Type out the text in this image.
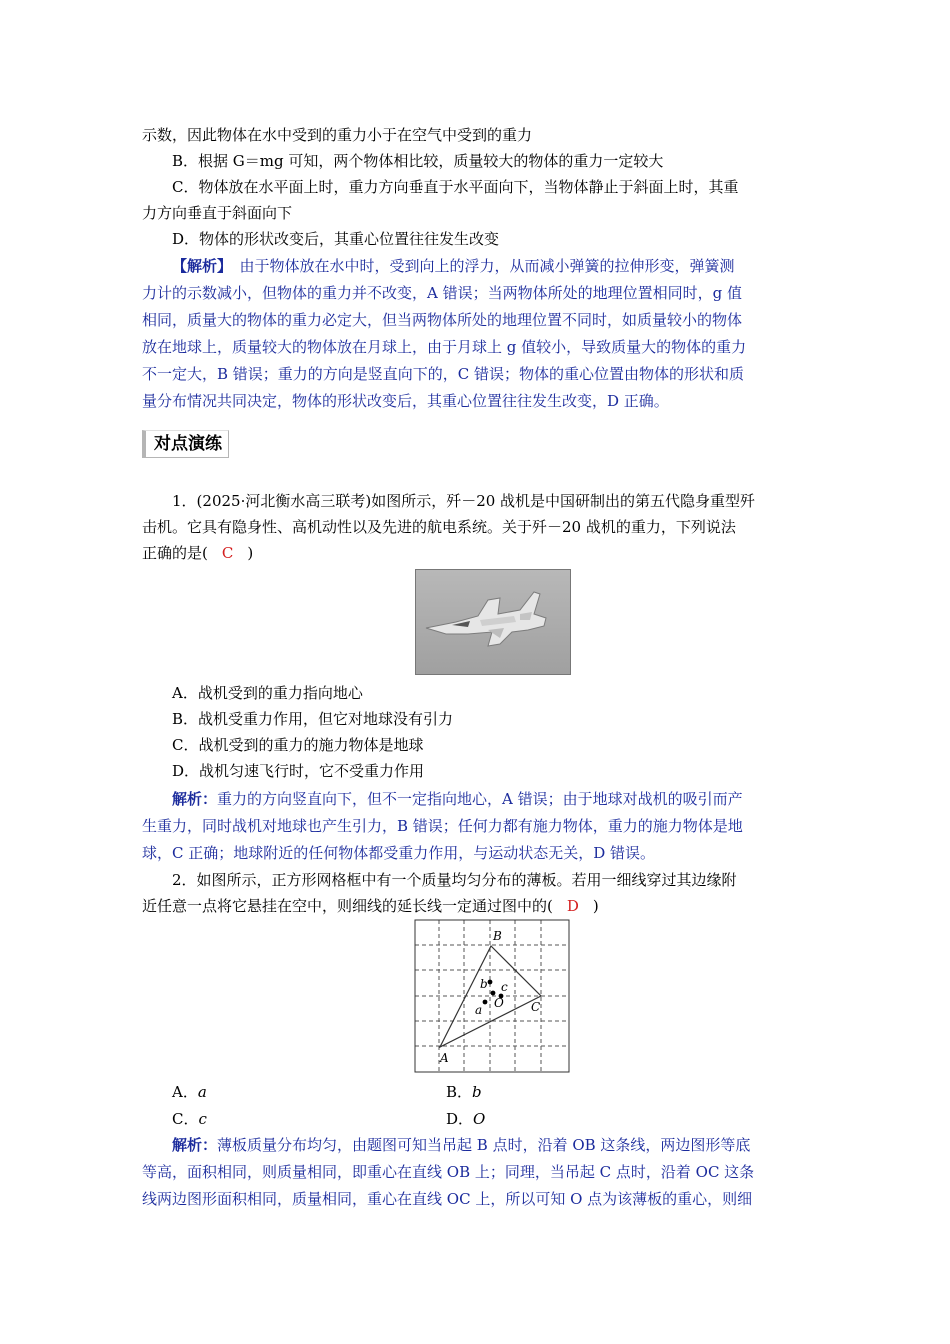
示数，因此物体在水中受到的重力小于在空气中受到的重力
B．根据 G＝mg 可知，两个物体相比较，质量较大的物体的重力一定较大
C．物体放在水平面上时，重力方向垂直于水平面向下，当物体静止于斜面上时，其重
力方向垂直于斜面向下
D．物体的形状改变后，其重心位置往往发生改变
【解析】　由于物体放在水中时，受到向上的浮力，从而减小弹簧的拉伸形变，弹簧测
力计的示数减小，但物体的重力并不改变，A 错误；当两物体所处的地理位置相同时，g 值
相同，质量大的物体的重力必定大，但当两物体所处的地理位置不同时，如质量较小的物体
放在地球上，质量较大的物体放在月球上，由于月球上 g 值较小，导致质量大的物体的重力
不一定大，B 错误；重力的方向是竖直向下的，C 错误；物体的重心位置由物体的形状和质
量分布情况共同决定，物体的形状改变后，其重心位置往往发生改变，D 正确。
对点演练
1．(2025·河北衡水高三联考)如图所示，歼－20 战机是中国研制出的第五代隐身重型歼
击机。它具有隐身性、高机动性以及先进的航电系统。关于歼－20 战机的重力，下列说法
正确的是( C )
A．战机受到的重力指向地心
B．战机受重力作用，但它对地球没有引力
C．战机受到的重力的施力物体是地球
D．战机匀速飞行时，它不受重力作用
解析：重力的方向竖直向下，但不一定指向地心，A 错误；由于地球对战机的吸引而产
生重力，同时战机对地球也产生引力，B 错误；任何力都有施力物体，重力的施力物体是地
球，C 正确；地球附近的任何物体都受重力作用，与运动状态无关，D 错误。
2．如图所示，正方形网格框中有一个质量均匀分布的薄板。若用一细线穿过其边缘附
近任意一点将它悬挂在空中，则细线的延长线一定通过图中的( D )
B
C
A
b c
O
a
A．a	B．b
C．c	D．O
解析：薄板质量分布均匀，由题图可知当吊起 B 点时，沿着 OB 这条线，两边图形等底
等高，面积相同，则质量相同，即重心在直线 OB 上；同理，当吊起 C 点时，沿着 OC 这条
线两边图形面积相同，质量相同，重心在直线 OC 上，所以可知 O 点为该薄板的重心，则细
